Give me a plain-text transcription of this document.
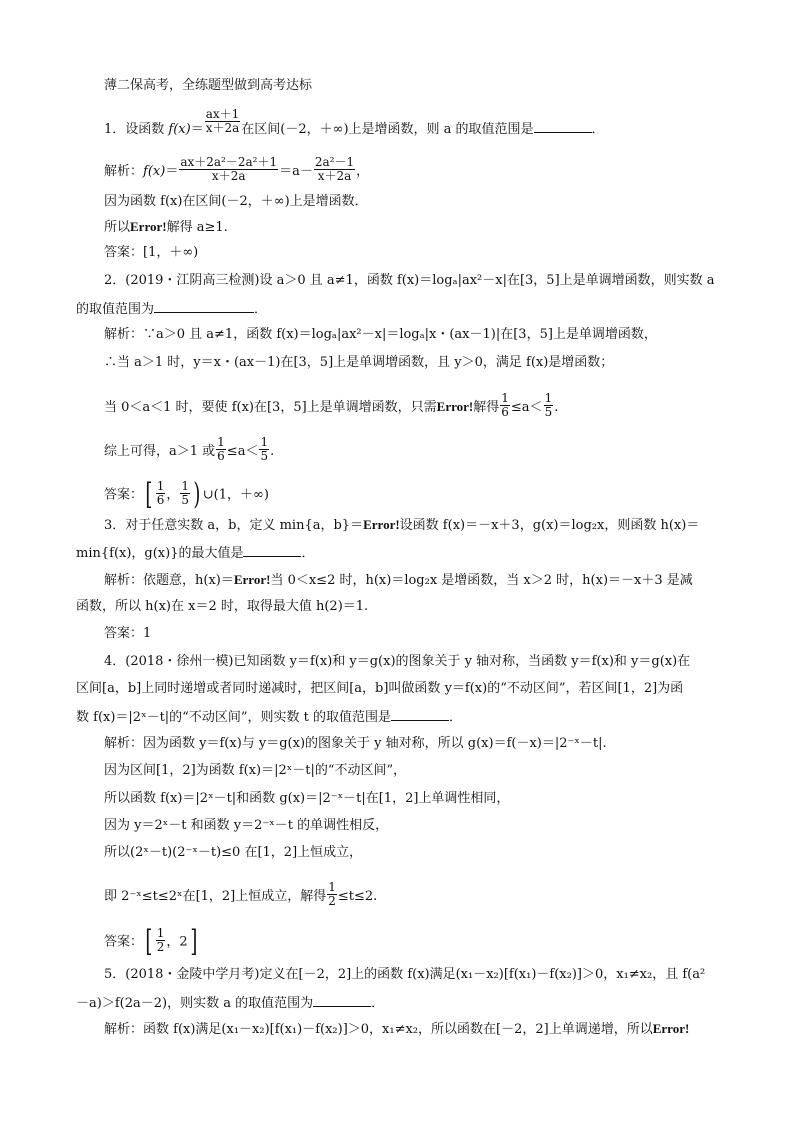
薄二保高考，全练题型做到高考达标
1．设函数 $f(x)= \frac{ax+1}{x+2a}$ 在区间(－2，＋∞)上是增函数，则 a 的取值范围是	．
解析：$f(x)= \frac{\text{ax＋2a²－2a²＋1}}{x+2a} =a- \frac{\text{2a²－1}}{x+2a}$ ，
因为函数 f(x)在区间(－2，＋∞)上是增函数．
所以Error!解得 a≥1.
答案：[1，＋∞)
2．(2019・江阴高三检测)设 a＞0 且 a≠1，函数 f(x)＝logₐ|ax²－x|在[3，5]上是单调增函数，则实数 a
的取值范围为	．
解析：∵a＞0 且 a≠1，函数 f(x)＝logₐ|ax²－x|＝logₐ|x・(ax－1)|在[3，5]上是单调增函数，
∴当 a＞1 时，y＝x・(ax－1)在[3，5]上是单调增函数，且 y＞0，满足 f(x)是增函数；
当 0＜a＜1 时，要使 f(x)在[3，5]上是单调增函数，只需Error!解得 $\frac{1}{6} \le a< \frac{1}{5}$ .
综上可得，a＞1 或 $\frac{1}{6} \le a< \frac{1}{5}$ .
答案：[ $\frac{1}{6}$ ， $\frac{1}{5}$ ) ∪(1，＋∞)
3．对于任意实数 a，b，定义 min{a，b}＝Error!设函数 f(x)＝－x＋3，g(x)＝log₂x，则函数 h(x)＝
min{f(x)，g(x)}的最大值是	．
解析：依题意，h(x)＝Error!当 0＜x≤2 时，h(x)＝log₂x 是增函数，当 x＞2 时，h(x)＝－x＋3 是减
函数，所以 h(x)在 x＝2 时，取得最大值 h(2)＝1.
答案：1
4．(2018・徐州一模)已知函数 y＝f(x)和 y＝g(x)的图象关于 y 轴对称，当函数 y＝f(x)和 y＝g(x)在
区间[a，b]上同时递增或者同时递减时，把区间[a，b]叫做函数 y＝f(x)的“不动区间”，若区间[1，2]为函
数 f(x)＝|2ˣ－t|的“不动区间”，则实数 t 的取值范围是	．
解析：因为函数 y＝f(x)与 y＝g(x)的图象关于 y 轴对称，所以 g(x)＝f(－x)＝|2⁻ˣ－t|.
因为区间[1，2]为函数 f(x)＝|2ˣ－t|的“不动区间”，
所以函数 f(x)＝|2ˣ－t|和函数 g(x)＝|2⁻ˣ－t|在[1，2]上单调性相同，
因为 y＝2ˣ－t 和函数 y＝2⁻ˣ－t 的单调性相反，
所以(2ˣ－t)(2⁻ˣ－t)≤0 在[1，2]上恒成立，
即 2⁻ˣ≤t≤2ˣ在[1，2]上恒成立，解得 $\frac{1}{2} \le t\le 2$.
答案：[ $\frac{1}{2}$ ，2]
5．(2018・金陵中学月考)定义在[－2，2]上的函数 f(x)满足(x₁－x₂)[f(x₁)－f(x₂)]＞0，x₁≠x₂，且 f(a²
－a)＞f(2a－2)，则实数 a 的取值范围为	．
解析：函数 f(x)满足(x₁－x₂)[f(x₁)－f(x₂)]＞0，x₁≠x₂，所以函数在[－2，2]上单调递增，所以Error!
